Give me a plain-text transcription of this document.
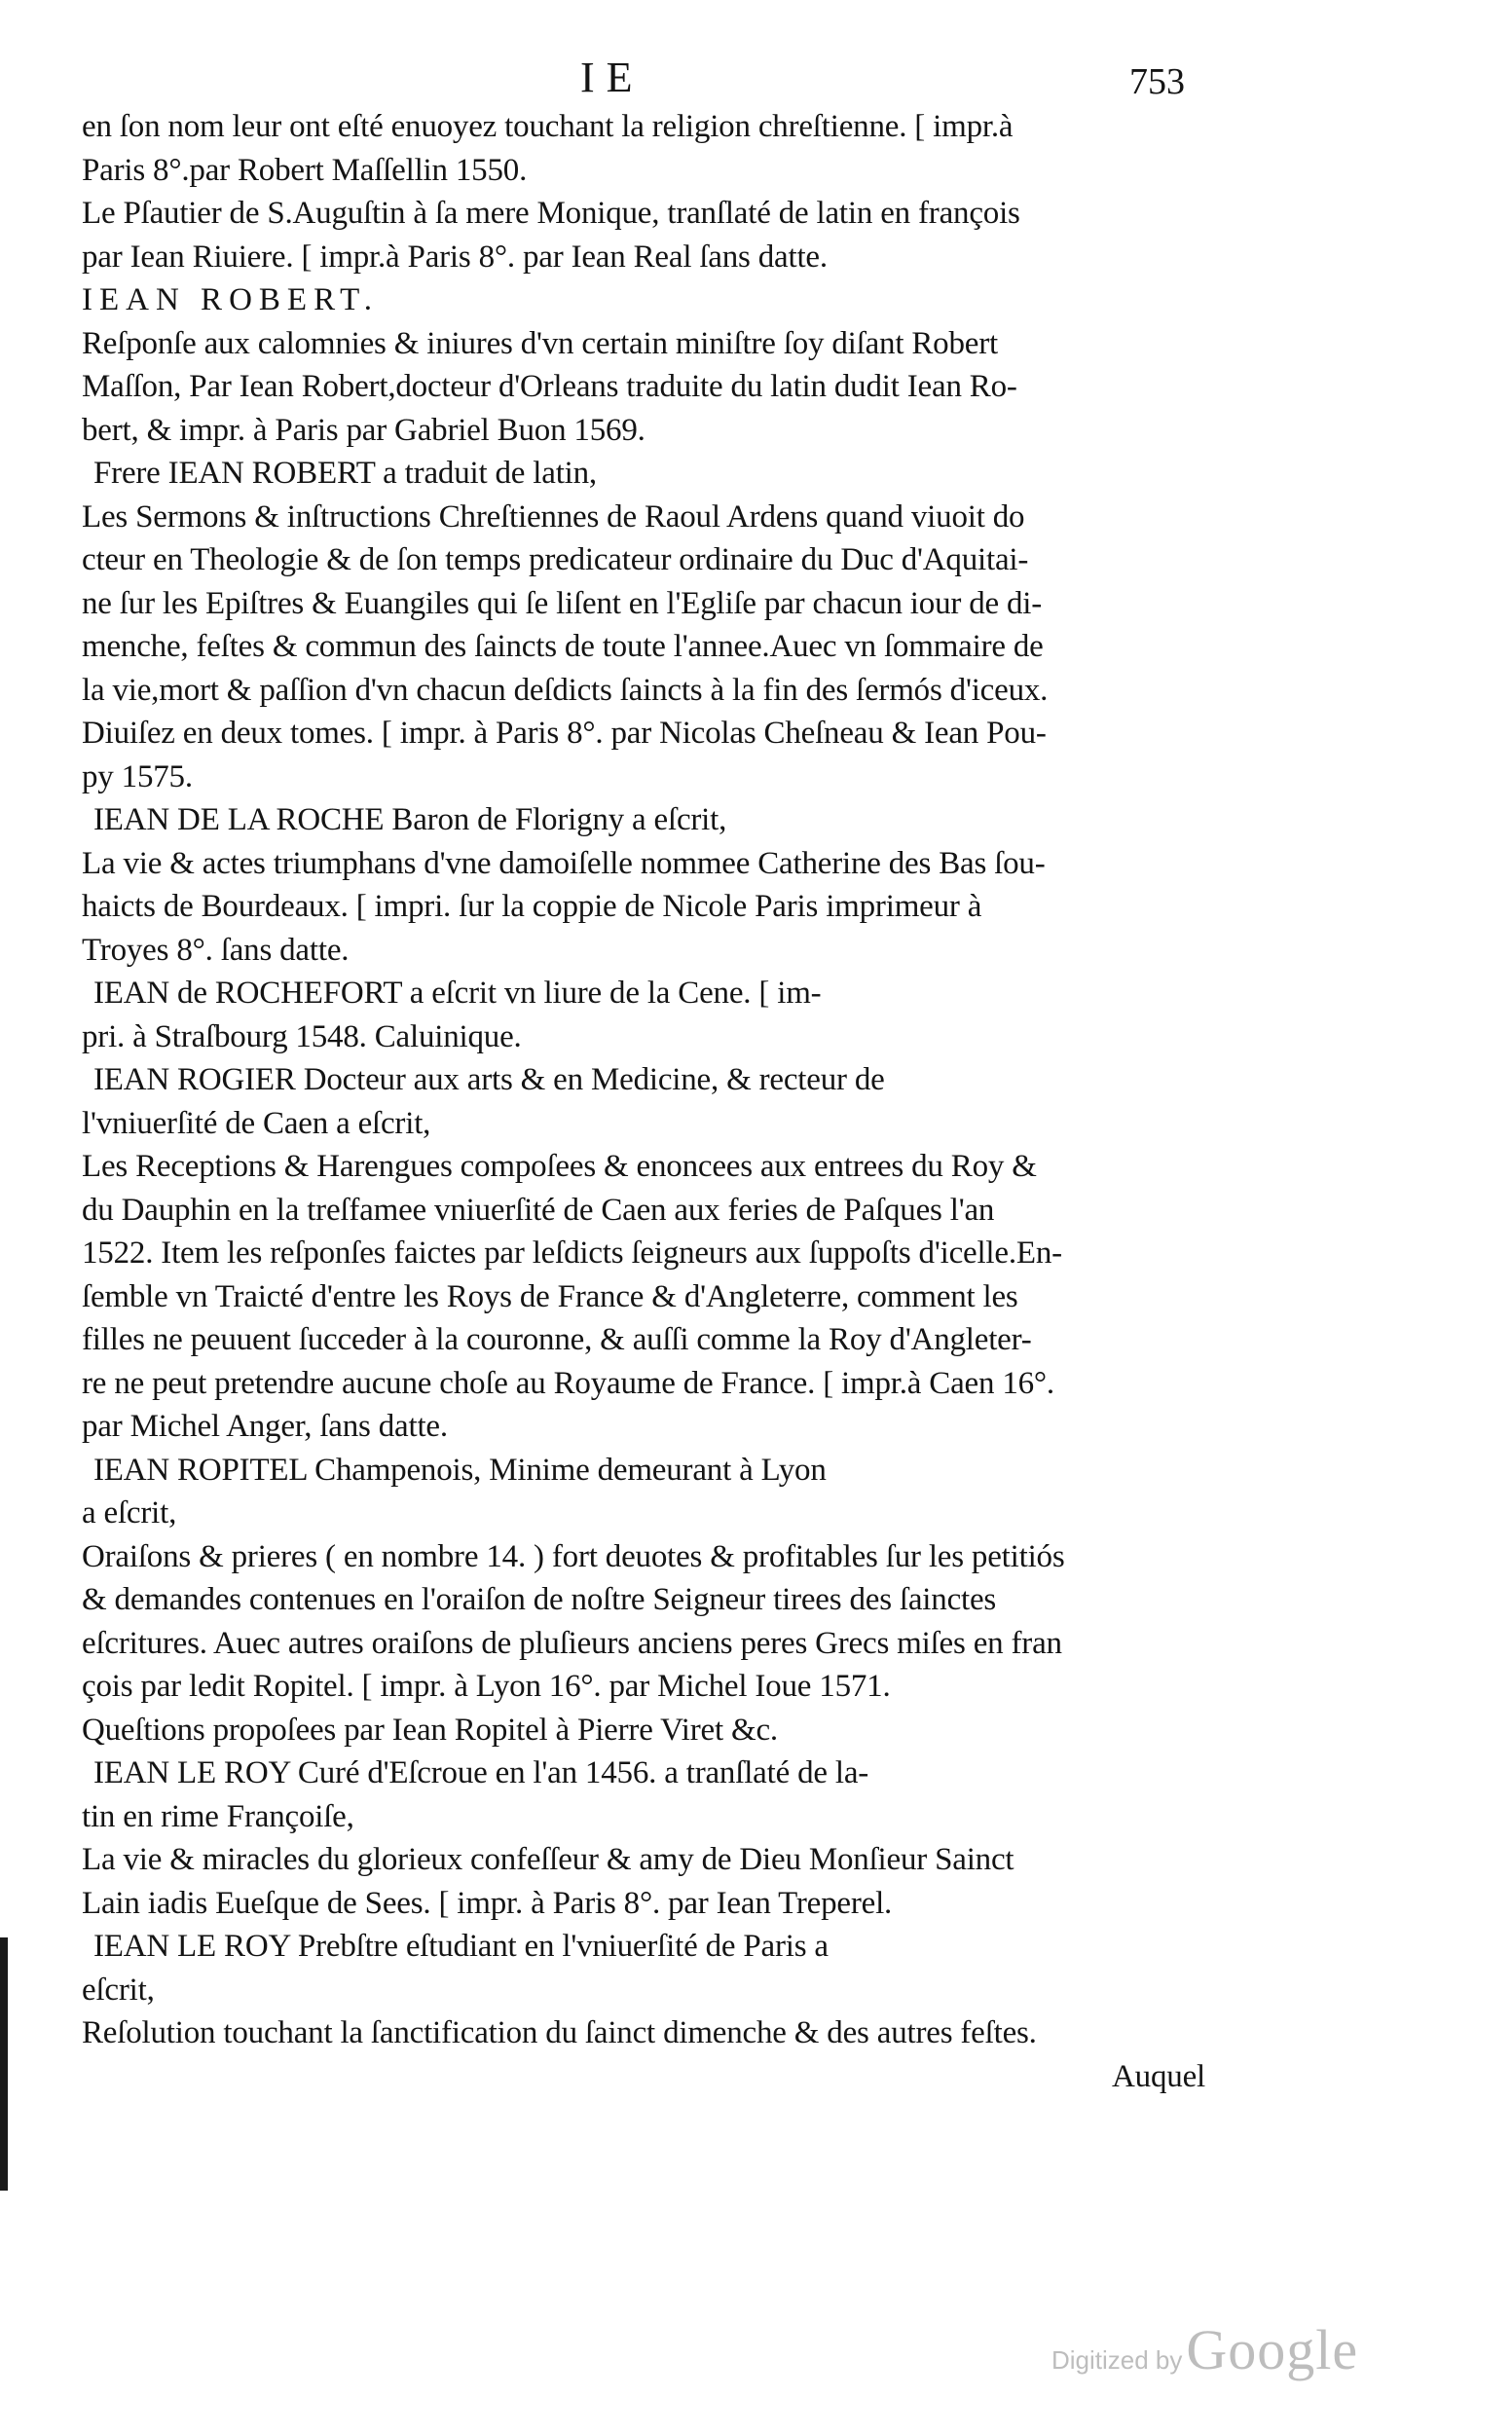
IE	753
en ſon nom leur ont eſté enuoyez touchant la religion chreſtienne. [ impr.à
Paris 8°.par Robert Maſſellin 1550.
Le Pſautier de S.Auguſtin à ſa mere Monique, tranſlaté de latin en françois
par Iean Riuiere. [ impr.à Paris 8°. par Iean Real ſans datte.
IEAN ROBERT.
Reſponſe aux calomnies & iniures d'vn certain miniſtre ſoy diſant Robert
Maſſon, Par Iean Robert,docteur d'Orleans traduite du latin dudit Iean Ro-
bert, & impr. à Paris par Gabriel Buon 1569.
Frere IEAN ROBERT a traduit de latin,
Les Sermons & inſtructions Chreſtiennes de Raoul Ardens quand viuoit do
cteur en Theologie & de ſon temps predicateur ordinaire du Duc d'Aquitai-
ne ſur les Epiſtres & Euangiles qui ſe liſent en l'Egliſe par chacun iour de di-
menche, feſtes & commun des ſaincts de toute l'annee.Auec vn ſommaire de
la vie,mort & paſſion d'vn chacun deſdicts ſaincts à la fin des ſermós d'iceux.
Diuiſez en deux tomes. [ impr. à Paris 8°. par Nicolas Cheſneau & Iean Pou-
py 1575.
IEAN DE LA ROCHE Baron de Florigny a eſcrit,
La vie & actes triumphans d'vne damoiſelle nommee Catherine des Bas ſou-
haicts de Bourdeaux. [ impri. ſur la coppie de Nicole Paris imprimeur à
Troyes 8°. ſans datte.
IEAN de ROCHEFORT a eſcrit vn liure de la Cene. [ im-
pri. à Straſbourg 1548. Caluinique.
IEAN ROGIER Docteur aux arts & en Medicine, & recteur de
l'vniuerſité de Caen a eſcrit,
Les Receptions & Harengues compoſees & enoncees aux entrees du Roy &
du Dauphin en la treſfamee vniuerſité de Caen aux feries de Paſques l'an
1522. Item les reſponſes faictes par leſdicts ſeigneurs aux ſuppoſts d'icelle.En-
ſemble vn Traicté d'entre les Roys de France & d'Angleterre, comment les
filles ne peuuent ſucceder à la couronne, & auſſi comme la Roy d'Angleter-
re ne peut pretendre aucune choſe au Royaume de France. [ impr.à Caen 16°.
par Michel Anger, ſans datte.
IEAN ROPITEL Champenois, Minime demeurant à Lyon
a eſcrit,
Oraiſons & prieres ( en nombre 14. ) fort deuotes & profitables ſur les petitiós
& demandes contenues en l'oraiſon de noſtre Seigneur tirees des ſainctes
eſcritures. Auec autres oraiſons de pluſieurs anciens peres Grecs miſes en fran
çois par ledit Ropitel. [ impr. à Lyon 16°. par Michel Ioue 1571.
Queſtions propoſees par Iean Ropitel à Pierre Viret &c.
IEAN LE ROY Curé d'Eſcroue en l'an 1456. a tranſlaté de la-
tin en rime Françoiſe,
La vie & miracles du glorieux confeſſeur & amy de Dieu Monſieur Sainct
Lain iadis Eueſque de Sees. [ impr. à Paris 8°. par Iean Treperel.
IEAN LE ROY Prebſtre eſtudiant en l'vniuerſité de Paris a
eſcrit,
Reſolution touchant la ſanctification du ſainct dimenche & des autres feſtes.
Auquel
Digitized by Google
